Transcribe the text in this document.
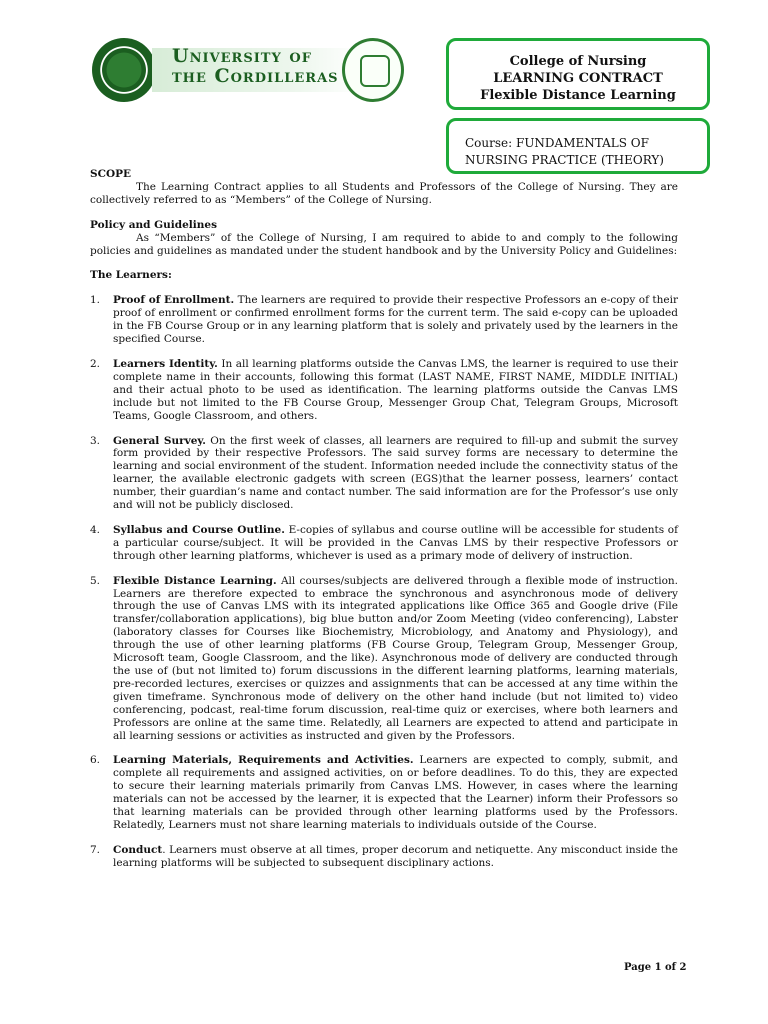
University of the Cordilleras
College of Nursing
LEARNING CONTRACT
Flexible Distance Learning
Course: FUNDAMENTALS OF
NURSING PRACTICE (THEORY)

SCOPE

The Learning Contract applies to all Students and Professors of the College of Nursing. They are collectively referred to as “Members” of the College of Nursing.

Policy and Guidelines

As “Members” of the College of Nursing, I am required to abide to and comply to the following policies and guidelines as mandated under the student handbook and by the University Policy and Guidelines:

The Learners:

1.	Proof of Enrollment. The learners are required to provide their respective Professors an e-copy of their proof of enrollment or confirmed enrollment forms for the current term. The said e-copy can be uploaded in the FB Course Group or in any learning platform that is solely and privately used by the learners in the specified Course.
2.	Learners Identity. In all learning platforms outside the Canvas LMS, the learner is required to use their complete name in their accounts, following this format (LAST NAME, FIRST NAME, MIDDLE INITIAL) and their actual photo to be used as identification. The learning platforms outside the Canvas LMS include but not limited to the FB Course Group, Messenger Group Chat, Telegram Groups, Microsoft Teams, Google Classroom, and others.
3.	General Survey. On the first week of classes, all learners are required to fill-up and submit the survey form provided by their respective Professors. The said survey forms are necessary to determine the learning and social environment of the student. Information needed include the connectivity status of the learner, the available electronic gadgets with screen (EGS)that the learner possess, learners’ contact number, their guardian’s name and contact number. The said information are for the Professor’s use only and will not be publicly disclosed.
4.	Syllabus and Course Outline. E-copies of syllabus and course outline will be accessible for students of a particular course/subject. It will be provided in the Canvas LMS by their respective Professors or through other learning platforms, whichever is used as a primary mode of delivery of instruction.
5.	Flexible Distance Learning. All courses/subjects are delivered through a flexible mode of instruction. Learners are therefore expected to embrace the synchronous and asynchronous mode of delivery through the use of Canvas LMS with its integrated applications like Office 365 and Google drive (File transfer/collaboration applications), big blue button and/or Zoom Meeting (video conferencing), Labster (laboratory classes for Courses like Biochemistry, Microbiology, and Anatomy and Physiology), and through the use of other learning platforms (FB Course Group, Telegram Group, Messenger Group, Microsoft team, Google Classroom, and the like). Asynchronous mode of delivery are conducted through the use of (but not limited to) forum discussions in the different learning platforms, learning materials, pre-recorded lectures, exercises or quizzes and assignments that can be accessed at any time within the given timeframe. Synchronous mode of delivery on the other hand include (but not limited to) video conferencing, podcast, real-time forum discussion, real-time quiz or exercises, where both learners and Professors are online at the same time. Relatedly, all Learners are expected to attend and participate in all learning sessions or activities as instructed and given by the Professors.
6.	Learning Materials, Requirements and Activities. Learners are expected to comply, submit, and complete all requirements and assigned activities, on or before deadlines. To do this, they are expected to secure their learning materials primarily from Canvas LMS. However, in cases where the learning materials can not be accessed by the learner, it is expected that the Learner) inform their Professors so that learning materials can be provided through other learning platforms used by the Professors. Relatedly, Learners must not share learning materials to individuals outside of the Course.
7.	Conduct. Learners must observe at all times, proper decorum and netiquette. Any misconduct inside the learning platforms will be subjected to subsequent disciplinary actions.
Page 1 of 2
